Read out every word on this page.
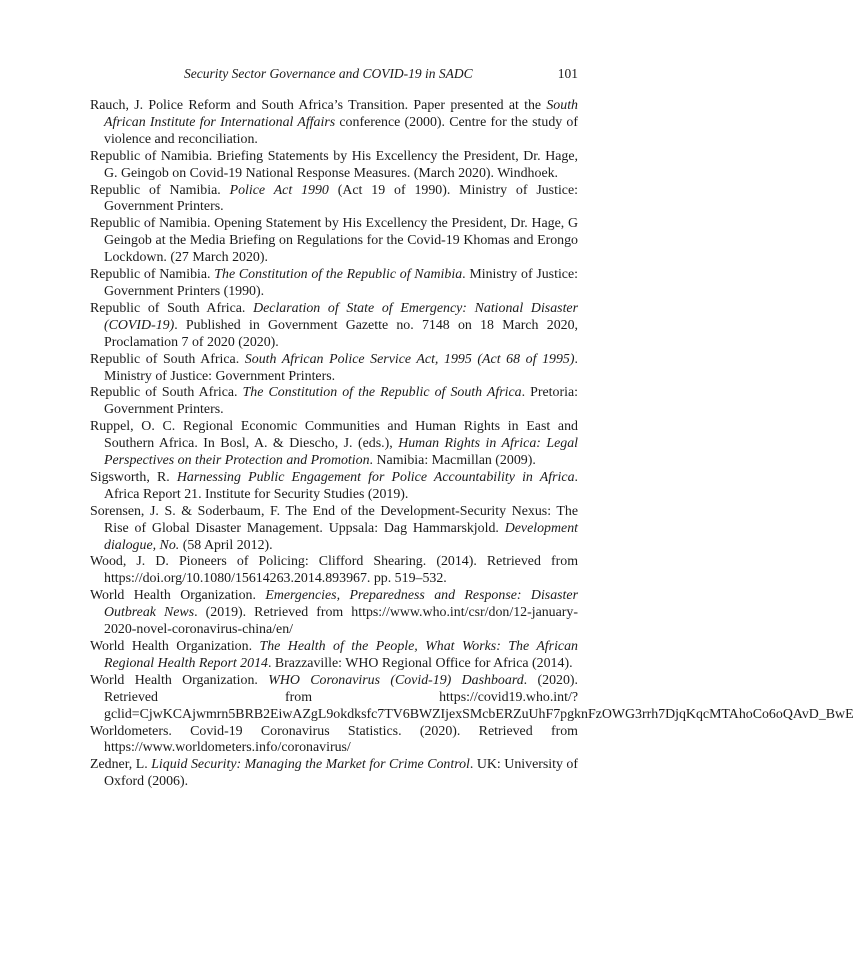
Security Sector Governance and COVID-19 in SADC	101

Rauch, J. Police Reform and South Africa’s Transition. Paper presented at the South African Institute for International Affairs conference (2000). Centre for the study of violence and reconciliation.

Republic of Namibia. Briefing Statements by His Excellency the President, Dr. Hage, G. Geingob on Covid-19 National Response Measures. (March 2020). Windhoek.

Republic of Namibia. Police Act 1990 (Act 19 of 1990). Ministry of Justice: Government Printers.

Republic of Namibia. Opening Statement by His Excellency the President, Dr. Hage, G Geingob at the Media Briefing on Regulations for the Covid-19 Khomas and Erongo Lockdown. (27 March 2020).

Republic of Namibia. The Constitution of the Republic of Namibia. Ministry of Justice: Government Printers (1990).

Republic of South Africa. Declaration of State of Emergency: National Disaster (COVID-19). Published in Government Gazette no. 7148 on 18 March 2020, Proclamation 7 of 2020 (2020).

Republic of South Africa. South African Police Service Act, 1995 (Act 68 of 1995). Ministry of Justice: Government Printers.

Republic of South Africa. The Constitution of the Republic of South Africa. Pretoria: Government Printers.

Ruppel, O. C. Regional Economic Communities and Human Rights in East and Southern Africa. In Bosl, A. & Diescho, J. (eds.), Human Rights in Africa: Legal Perspectives on their Protection and Promotion. Namibia: Macmillan (2009).

Sigsworth, R. Harnessing Public Engagement for Police Accountability in Africa. Africa Report 21. Institute for Security Studies (2019).

Sorensen, J. S. & Soderbaum, F. The End of the Development-Security Nexus: The Rise of Global Disaster Management. Uppsala: Dag Hammarskjold. Development dialogue, No. (58 April 2012).

Wood, J. D. Pioneers of Policing: Clifford Shearing. (2014). Retrieved from https://doi.org/10.1080/15614263.2014.893967. pp. 519–532.

World Health Organization. Emergencies, Preparedness and Response: Disaster Outbreak News. (2019). Retrieved from https://www.who.int/csr/don/12-january-2020-novel-coronavirus-china/en/

World Health Organization. The Health of the People, What Works: The African Regional Health Report 2014. Brazzaville: WHO Regional Office for Africa (2014).

World Health Organization. WHO Coronavirus (Covid-19) Dashboard. (2020). Retrieved from https://covid19.who.int/?gclid=CjwKCAjwmrn5BRB2EiwAZgL9okdksfc7TV6BWZIjexSMcbERZuUhF7pgknFzOWG3rrh7DjqKqcMTAhoCo6oQAvD_BwE

Worldometers. Covid-19 Coronavirus Statistics. (2020). Retrieved from https://www.worldometers.info/coronavirus/

Zedner, L. Liquid Security: Managing the Market for Crime Control. UK: University of Oxford (2006).
